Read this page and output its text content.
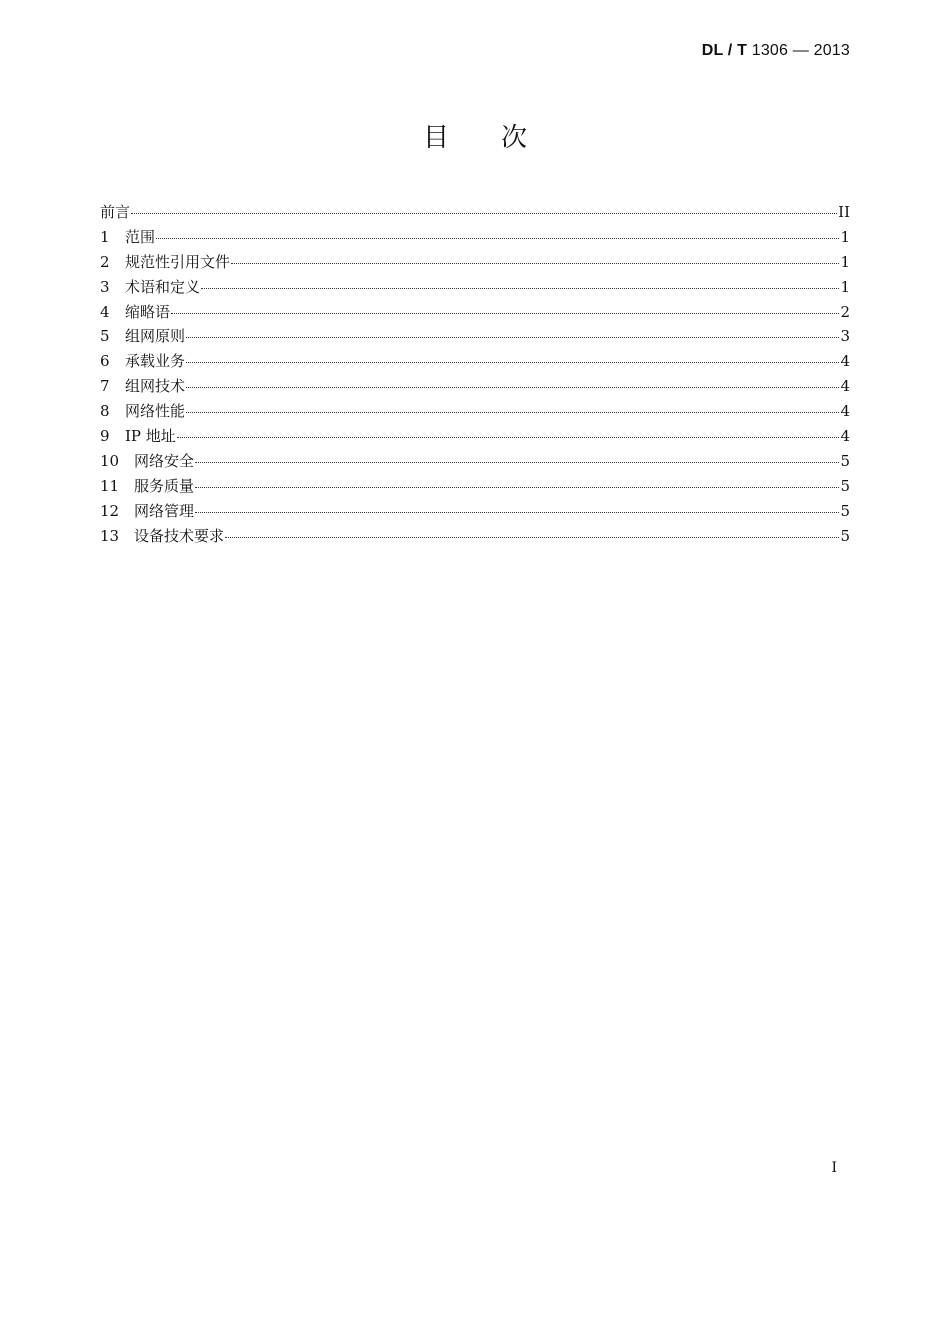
DL / T 1306 — 2013
目 次
前言	II
1	范围	1
2	规范性引用文件	1
3	术语和定义	1
4	缩略语	2
5	组网原则	3
6	承载业务	4
7	组网技术	4
8	网络性能	4
9	IP 地址	4
10 网络安全	5
11 服务质量	5
12 网络管理	5
13 设备技术要求	5
I
